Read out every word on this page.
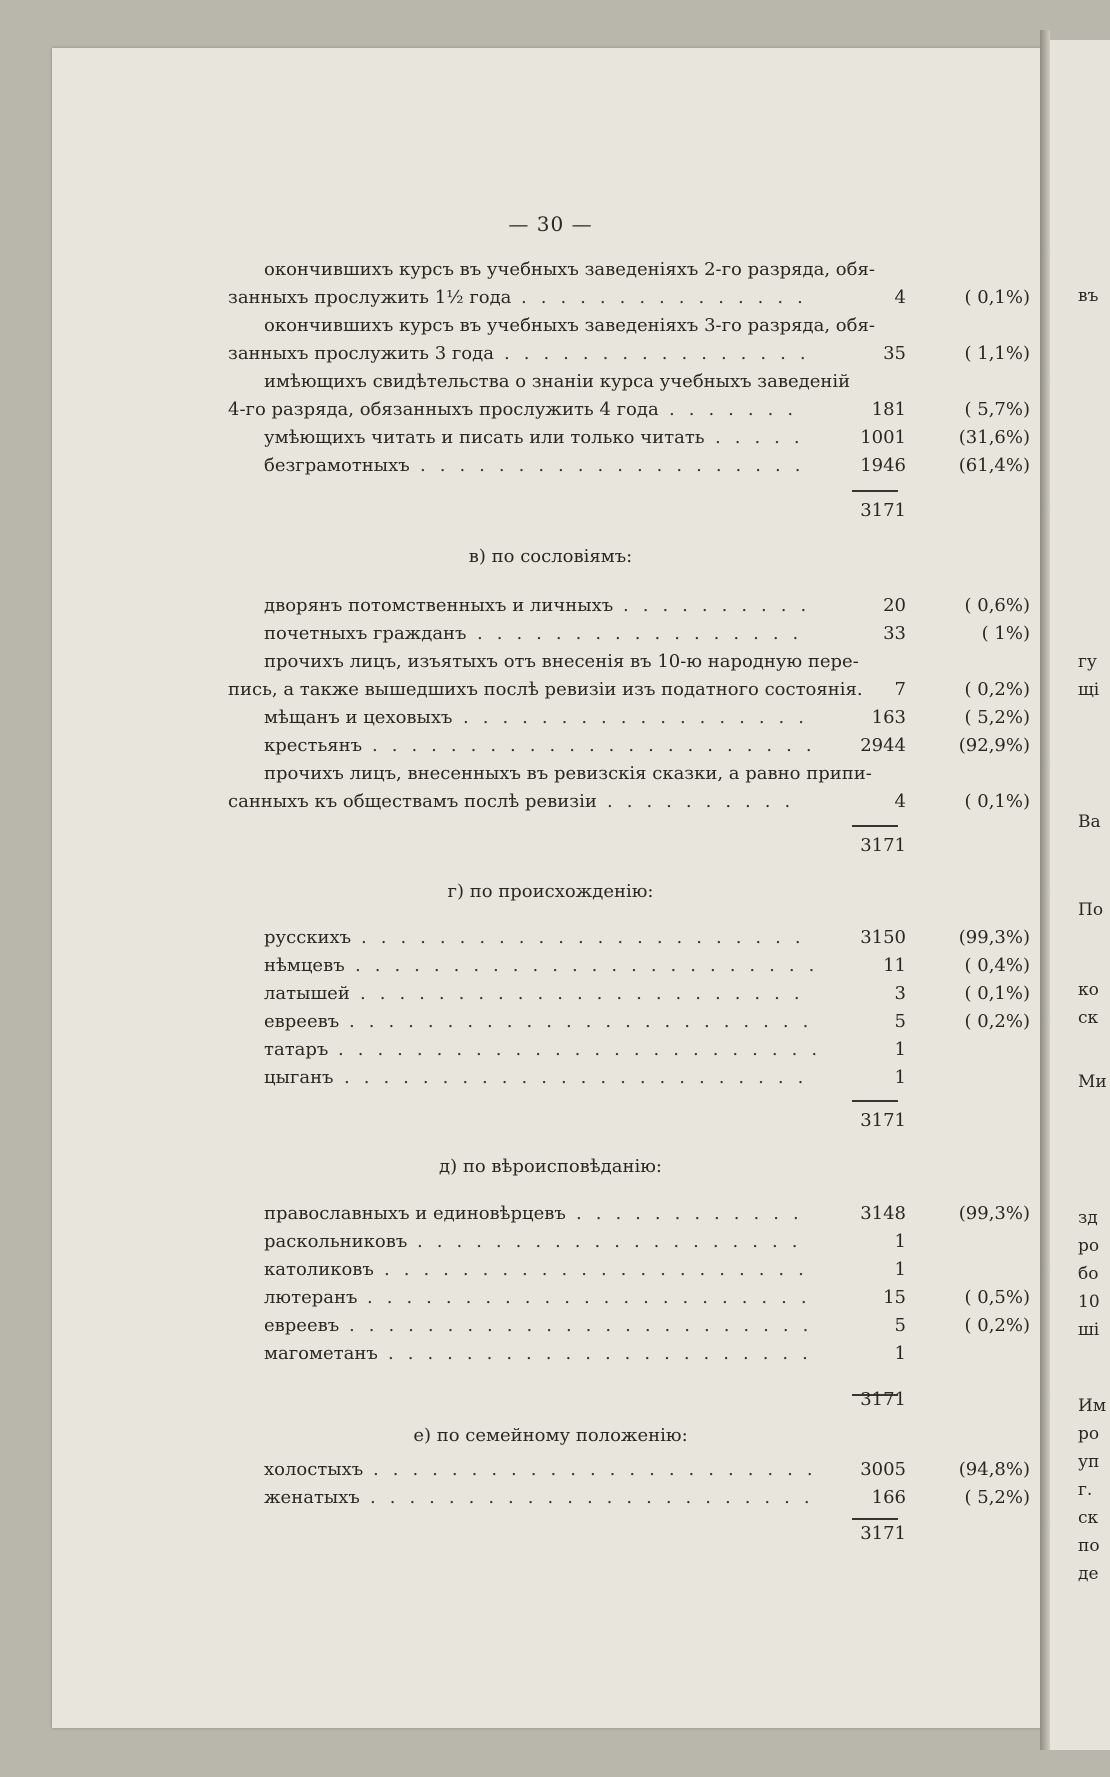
въ
гу
щі
Ва
По
ко
ск
Ми
зд
ро
бо
10
ші
Им
ро
уп
г.
ск
по
де
— 30 —
окончившихъ курсъ въ учебныхъ заведеніяхъ 2-го разряда, обя-
занныхъ прослужить 1½ года	4	( 0,1%)
...............
окончившихъ курсъ въ учебныхъ заведеніяхъ 3-го разряда, обя-
занныхъ прослужить 3 года	35	( 1,1%)
................
имѣющихъ свидѣтельства о знаніи курса учебныхъ заведеній
4-го разряда, обязанныхъ прослужить 4 года	181	( 5,7%)
.......
умѣющихъ читать и писать или только читать	1001	(31,6%)
.....
безграмотныхъ	1946	(61,4%)
....................
3171
в) по сословіямъ:
дворянъ потомственныхъ и личныхъ	20	( 0,6%)
..........
почетныхъ гражданъ	33	( 1%)
.................
прочихъ лицъ, изъятыхъ отъ внесенія въ 10-ю народную пере-
пись, а также вышедшихъ послѣ ревизіи изъ податного состоянія.	7	( 0,2%)
мѣщанъ и цеховыхъ	163	( 5,2%)
..................
крестьянъ	2944	(92,9%)
.......................
прочихъ лицъ, внесенныхъ въ ревизскія сказки, а равно припи-
санныхъ къ обществамъ послѣ ревизіи	4	( 0,1%)
..........
3171
г) по происхожденію:
русскихъ	3150	(99,3%)
.......................
нѣмцевъ	11	( 0,4%)
........................
латышей	3	( 0,1%)
.......................
евреевъ	5	( 0,2%)
........................
татаръ	1
.........................
цыганъ	1
........................
3171
д) по вѣроисповѣданію:
православныхъ и единовѣрцевъ	3148	(99,3%)
............
раскольниковъ	1
....................
католиковъ	1
......................
лютеранъ	15	( 0,5%)
.......................
евреевъ	5	( 0,2%)
........................
магометанъ	1
......................
3171
е) по семейному положенію:
холостыхъ	3005	(94,8%)
.......................
женатыхъ	166	( 5,2%)
.......................
3171
